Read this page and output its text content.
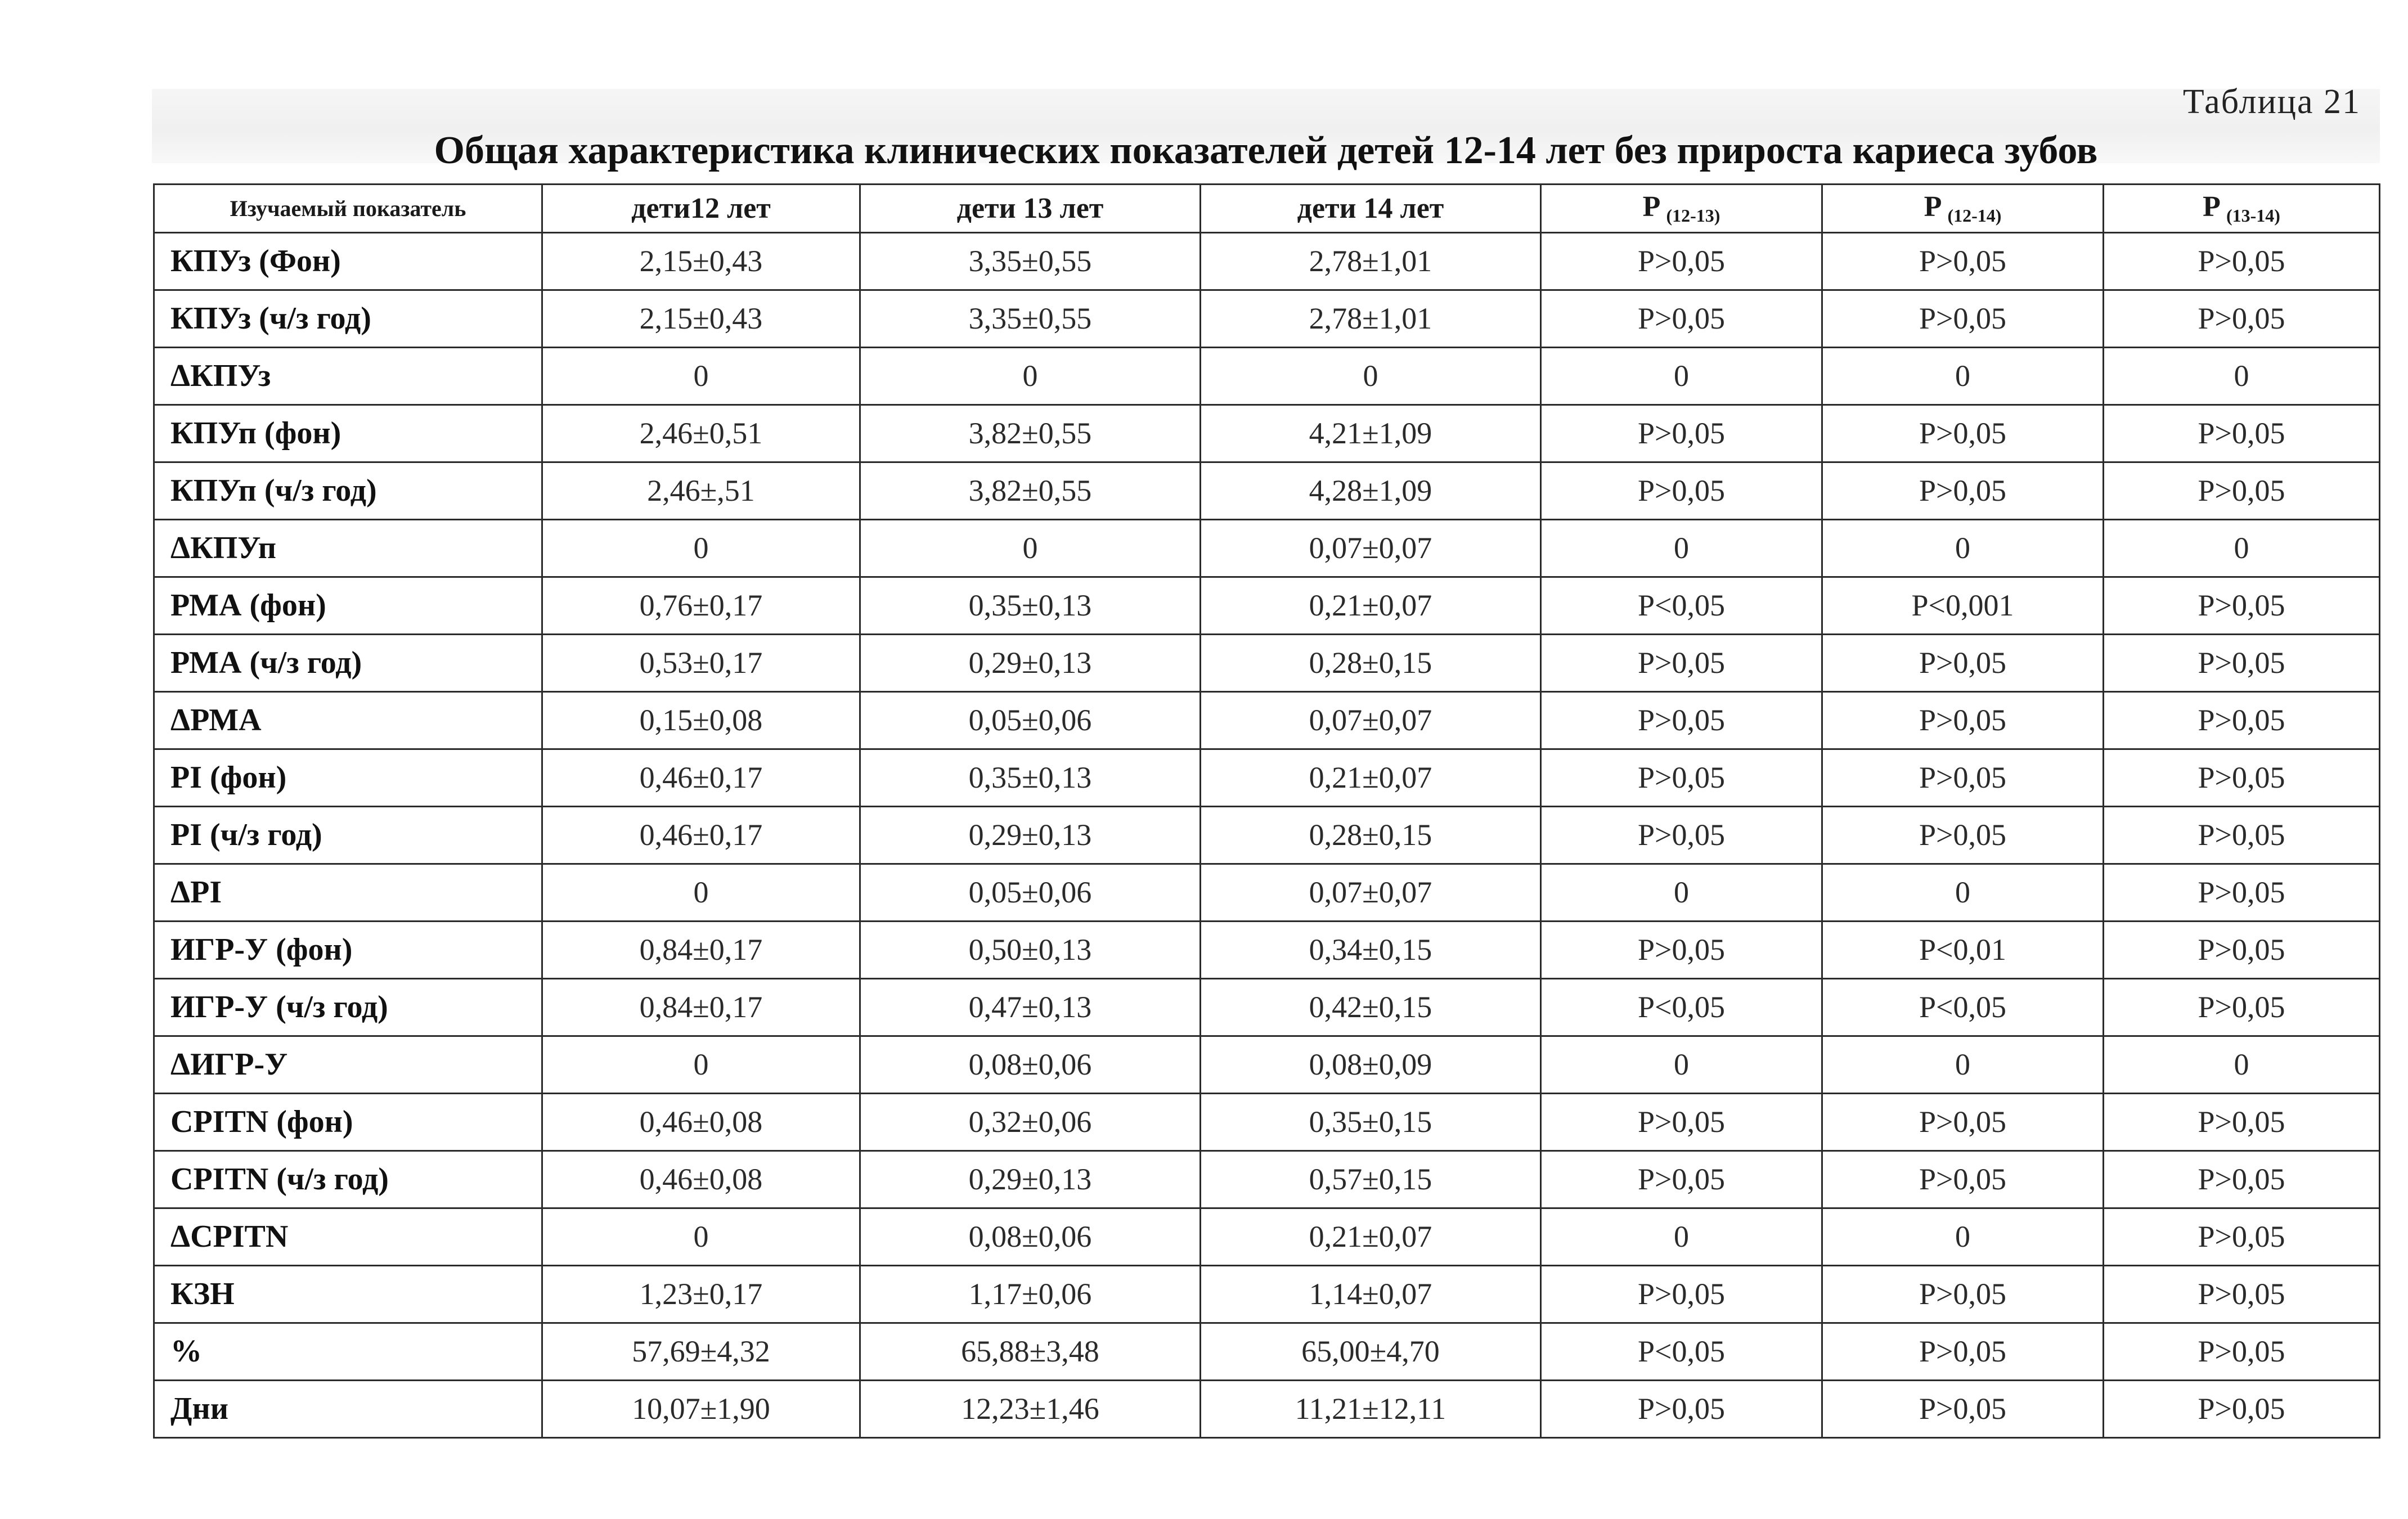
Таблица 21
Общая характеристика клинических показателей детей 12-14 лет без прироста кариеса зубов
Изучаемый показатель	дети12 лет	дети 13 лет	дети 14 лет	P (12-13)	P (12-14)	P (13-14)
КПУз (Фон)	2,15±0,43	3,35±0,55	2,78±1,01	P>0,05	P>0,05	P>0,05
КПУз (ч/з год)	2,15±0,43	3,35±0,55	2,78±1,01	P>0,05	P>0,05	P>0,05
ΔКПУз	0	0	0	0	0	0
КПУп (фон)	2,46±0,51	3,82±0,55	4,21±1,09	P>0,05	P>0,05	P>0,05
КПУп (ч/з год)	2,46±,51	3,82±0,55	4,28±1,09	P>0,05	P>0,05	P>0,05
ΔКПУп	0	0	0,07±0,07	0	0	0
РМА (фон)	0,76±0,17	0,35±0,13	0,21±0,07	P<0,05	P<0,001	P>0,05
РМА (ч/з год)	0,53±0,17	0,29±0,13	0,28±0,15	P>0,05	P>0,05	P>0,05
ΔРМА	0,15±0,08	0,05±0,06	0,07±0,07	P>0,05	P>0,05	P>0,05
PI (фон)	0,46±0,17	0,35±0,13	0,21±0,07	P>0,05	P>0,05	P>0,05
PI (ч/з год)	0,46±0,17	0,29±0,13	0,28±0,15	P>0,05	P>0,05	P>0,05
ΔPI	0	0,05±0,06	0,07±0,07	0	0	P>0,05
ИГР-У (фон)	0,84±0,17	0,50±0,13	0,34±0,15	P>0,05	P<0,01	P>0,05
ИГР-У (ч/з год)	0,84±0,17	0,47±0,13	0,42±0,15	P<0,05	P<0,05	P>0,05
ΔИГР-У	0	0,08±0,06	0,08±0,09	0	0	0
CPITN (фон)	0,46±0,08	0,32±0,06	0,35±0,15	P>0,05	P>0,05	P>0,05
CPITN (ч/з год)	0,46±0,08	0,29±0,13	0,57±0,15	P>0,05	P>0,05	P>0,05
ΔCPITN	0	0,08±0,06	0,21±0,07	0	0	P>0,05
КЗН	1,23±0,17	1,17±0,06	1,14±0,07	P>0,05	P>0,05	P>0,05
%	57,69±4,32	65,88±3,48	65,00±4,70	P<0,05	P>0,05	P>0,05
Дни	10,07±1,90	12,23±1,46	11,21±12,11	P>0,05	P>0,05	P>0,05
